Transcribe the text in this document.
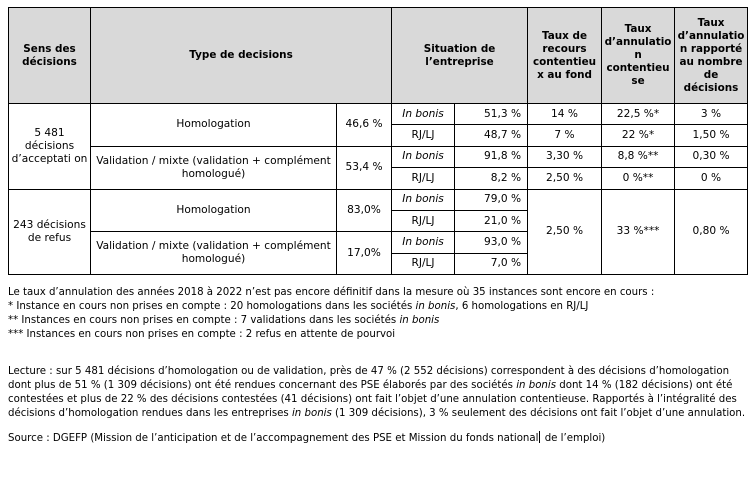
Sens des décisions	Type de decisions		Situation de l’entreprise		Taux de recours contentieu x au fond	Taux d’annulatio n contentieu se	Taux d’annulatio n rapporté au nombre de décisions
5 481 décisions d’acceptati on	Homologation	46,6 %	In bonis	51,3 %	14 %	22,5 %*	3 %
			RJ/LJ	48,7 %	7 %	22 %*	1,50 %
	Validation / mixte (validation + complément homologué)	53,4 %	In bonis	91,8 %	3,30 %	8,8 %**	0,30 %
			RJ/LJ	8,2 %	2,50 %	0 %**	0 %
243 décisions de refus	Homologation	83,0%	In bonis	79,0 %	2,50 %	33 %***	0,80 %
			RJ/LJ	21,0 %			
	Validation / mixte (validation + complément homologué)	17,0%	In bonis	93,0 %			
			RJ/LJ	7,0 %			

Le taux d’annulation des années 2018 à 2022 n’est pas encore définitif dans la mesure où 35 instances sont encore en cours :

* Instance en cours non prises en compte : 20 homologations dans les sociétés in bonis, 6 homologations en RJ/LJ

** Instances en cours non prises en compte : 7 validations dans les sociétés in bonis

*** Instances en cours non prises en compte : 2 refus en attente de pourvoi

Lecture : sur 5 481 décisions d’homologation ou de validation, près de 47 % (2 552 décisions) correspondent à des décisions d’homologation dont plus de 51 % (1 309 décisions) ont été rendues concernant des PSE élaborés par des sociétés in bonis dont 14 % (182 décisions) ont été contestées et plus de 22 % des décisions contestées (41 décisions) ont fait l’objet d’une annulation contentieuse. Rapportés à l’intégralité des décisions d’homologation rendues dans les entreprises in bonis (1 309 décisions), 3 % seulement des décisions ont fait l’objet d’une annulation.

Source : DGEFP (Mission de l’anticipation et de l’accompagnement des PSE et Mission du fonds national de l’emploi)
